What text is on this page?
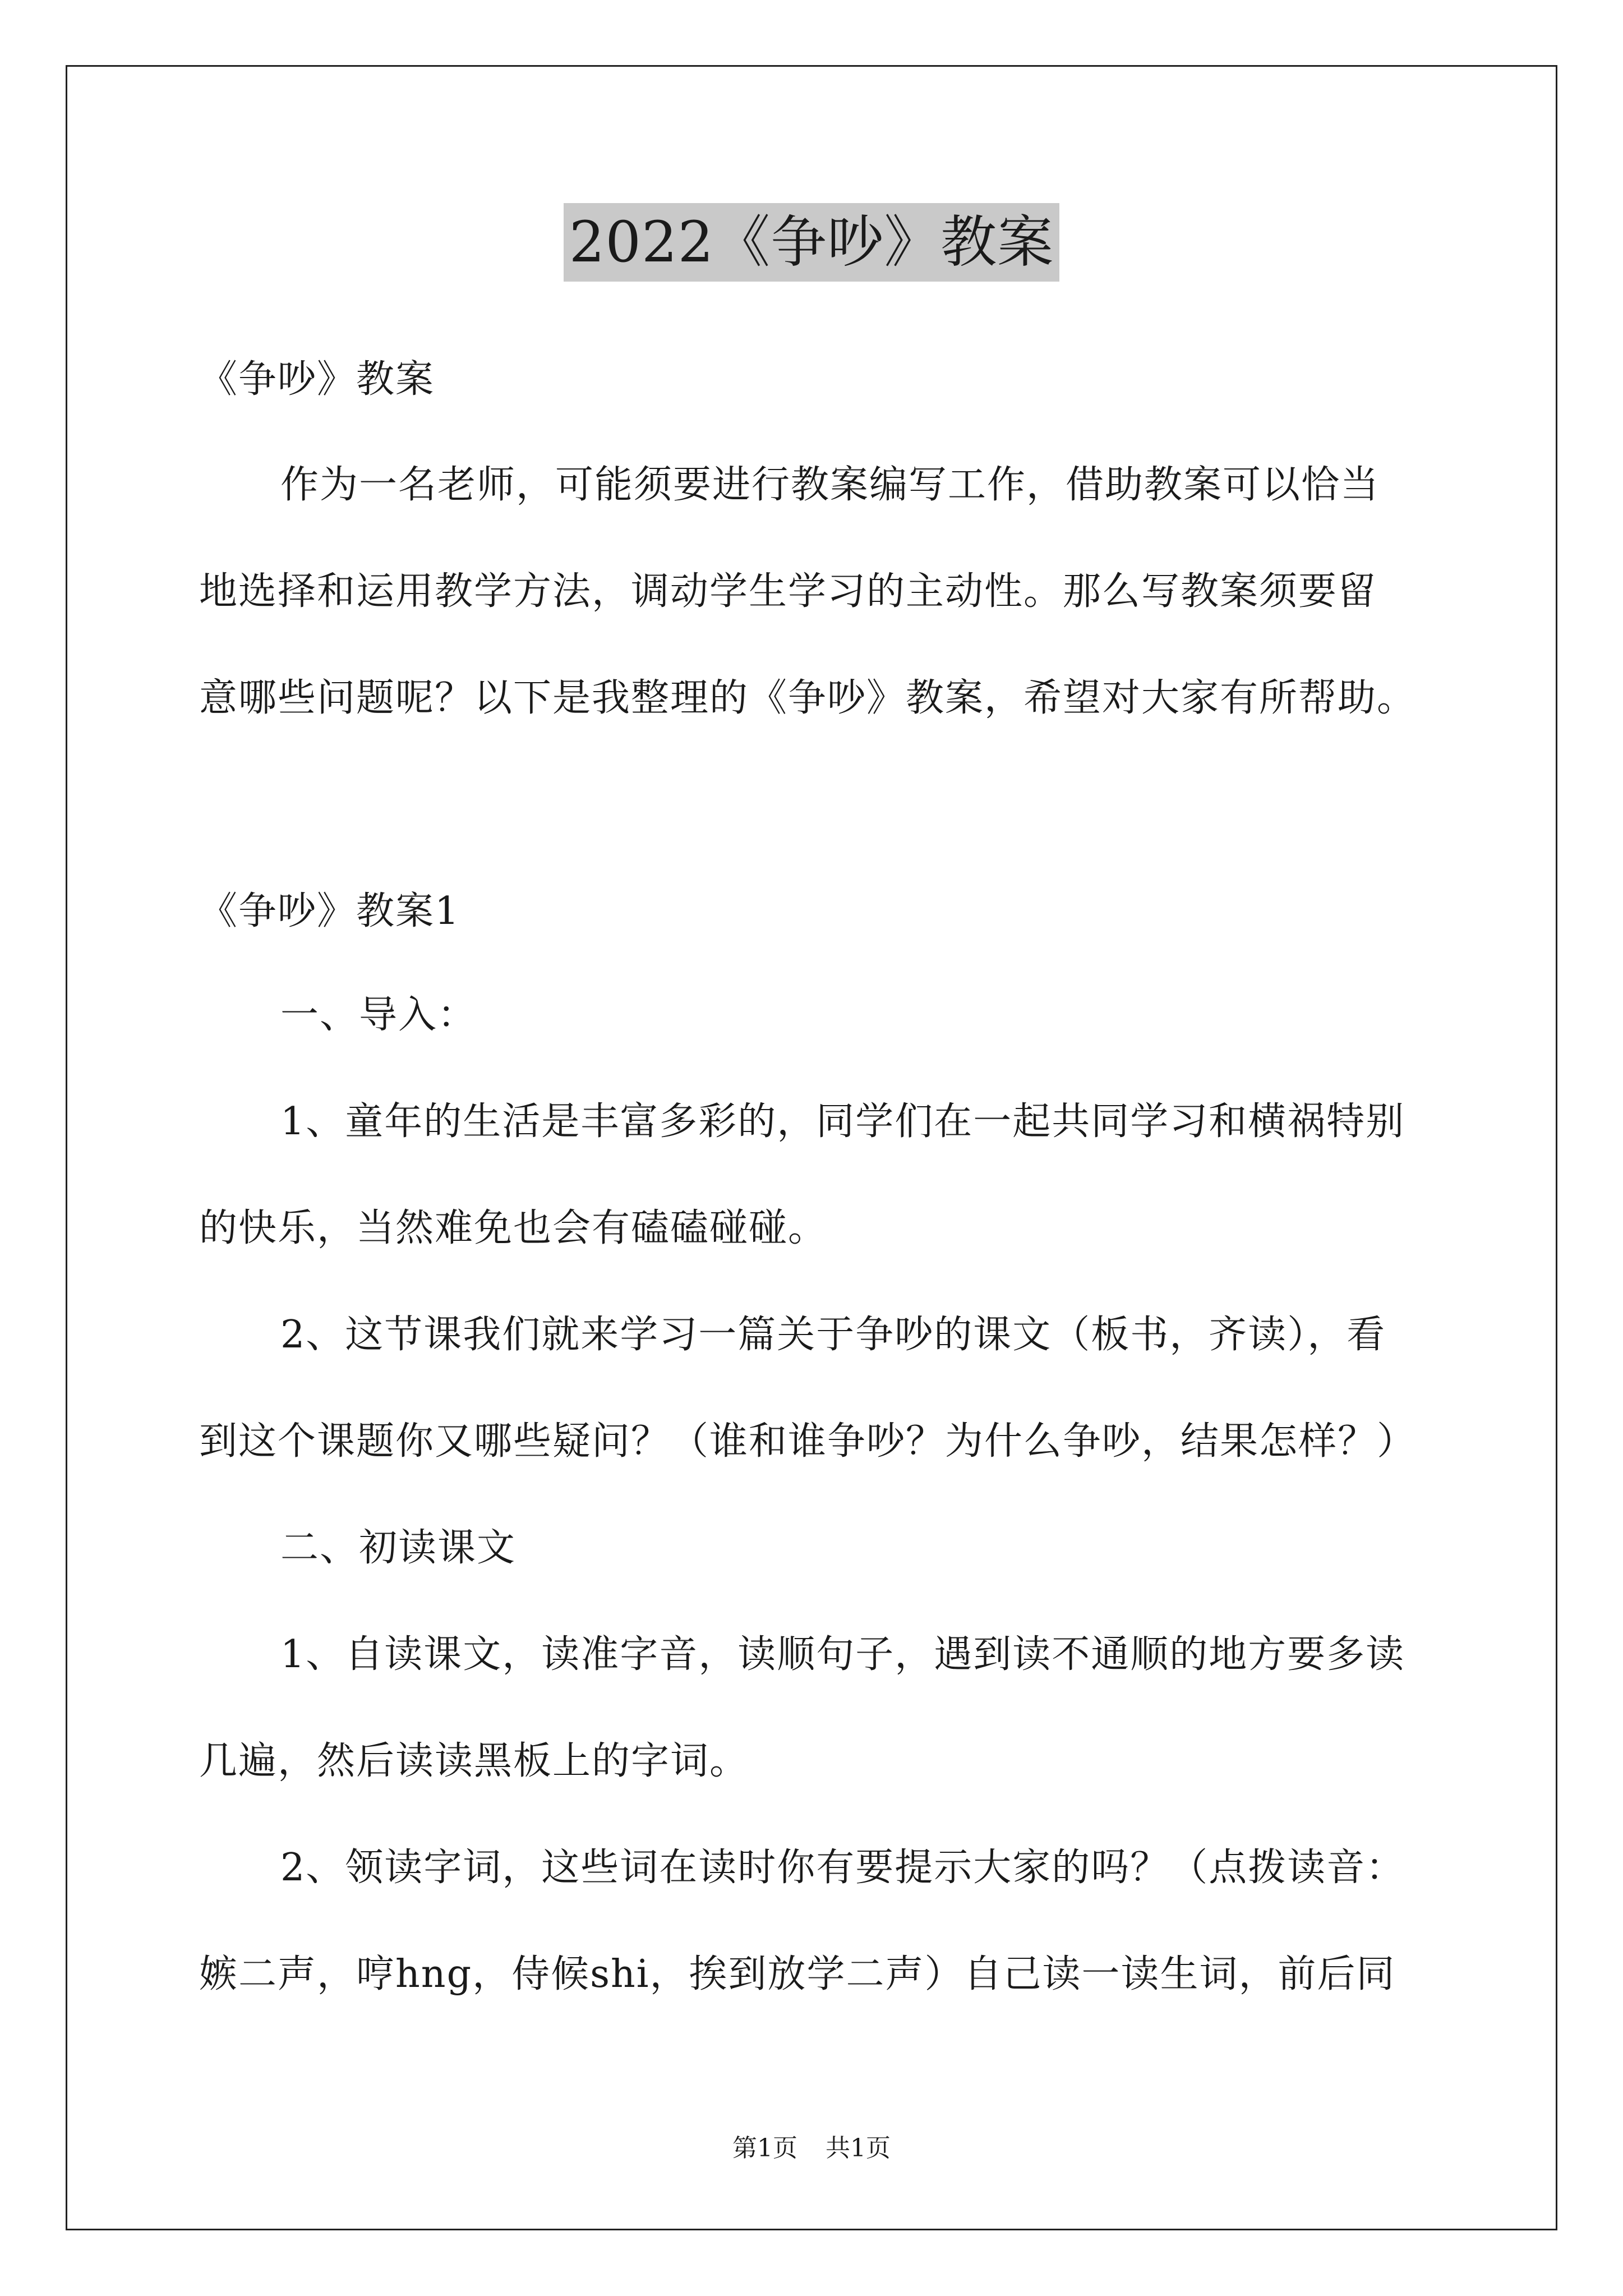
2022《争吵》教案
《争吵》教案
作为一名老师，可能须要进行教案编写工作，借助教案可以恰当
地选择和运用教学方法，调动学生学习的主动性。那么写教案须要留
意哪些问题呢？以下是我整理的《争吵》教案，希望对大家有所帮助。
《争吵》教案1
一、导入：
1、童年的生活是丰富多彩的，同学们在一起共同学习和横祸特别
的快乐，当然难免也会有磕磕碰碰。
2、这节课我们就来学习一篇关于争吵的课文（板书，齐读），看
到这个课题你又哪些疑问？（谁和谁争吵？为什么争吵，结果怎样？）
二、初读课文
1、自读课文，读准字音，读顺句子，遇到读不通顺的地方要多读
几遍，然后读读黑板上的字词。
2、领读字词，这些词在读时你有要提示大家的吗？（点拨读音：
嫉二声，哼hng，侍候shi，挨到放学二声）自己读一读生词，前后同
第1页 共1页
